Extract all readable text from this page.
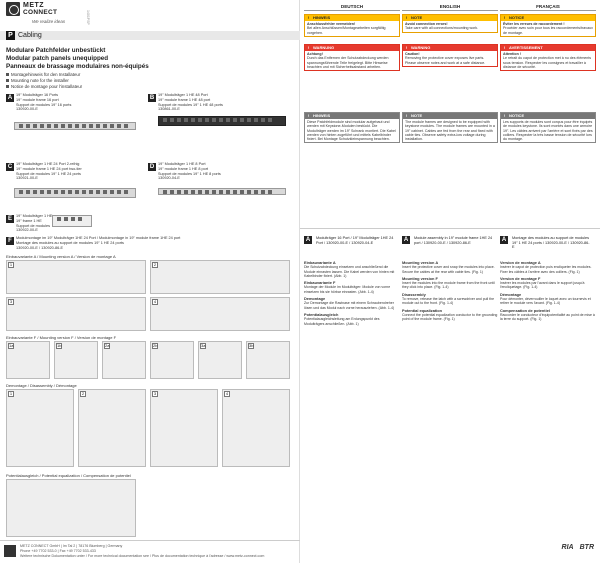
METZ
CONNECT
We realize ideas
P Cabling
1401PSP
Modulare Patchfelder unbestückt
Modular patch panels unequipped
Panneaux de brassage modulaires non-équipés
Montagehinweis für den Installateur
Mounting note for the installer
Notice de montage pour l'installateur
A	19" Modulträger 16 Ports
19" module frame 16 port
Support de modules 19" 16 ports
130920-00-E
B	19" Modulträger 1 HE 48 Port
19" module frame 1 HE 48 port
Support de modules 19" 1 HE 48 ports
130861-00-E
C	19" Modulträger 1 HE 24 Port 2-reihig
19" module frame 1 HE 24 port two-tier
Support de modules 19" 1 HE 24 ports
130921-00-E
D	19" Modulträger 1 HE 8 Port
19" module frame 1 HE 8 port
Support de modules 19" 1 HE 8 ports
130920-04-E
E	19" Modulträger 1 HE
19" frame 1 HE
Support de modules
130922-00-E
F	Modulmontage im 19" Modulträger 1HE 24 Port / Modulmontage in 19" module frame 1HE 24 port
Montage des modules au support de modules 19" 1 HE 24 ports
130920-00-E / 130920-86-E
Einbauvariante A / Mounting version A / Version de montage A
1	2
3	4
Einbauvariante F / Mounting version F / Version de montage F
1a	1b	2a	2b	3a	3b
Demontage / Disassembly / Démontage
1	2	3	4
Potentialausgleich / Potential equalization / Compensation de potentiel
METZ CONNECT GmbH | Im Tal 2 | 78176 Blumberg | Germany
Phone +49 7702 533-0 | Fax +49 7702 533-433
Weitere technische Dokumentation unter / For more technical documentation see / Plus de documentation technique à l'adresse / www.metz-connect.com
DEUTSCH	ENGLISH	FRANÇAIS
! HINWEIS
Anschlussfehler vermeiden!
Bei allen Anschlüssen/Montagearbeiten sorgfältig vorgehen.
! NOTE
Avoid connection errors!
Take care with all connections/mounting work.
! NOTICE
Éviter les erreurs de raccordement !
Procéder avec soin pour tous les raccordements/travaux de montage.
! WARNUNG
Achtung!
Durch das Entfernen der Schutzabdeckung werden spannungsführende Teile freigelegt. Bitte Hinweise beachten und mit Sicherheitsabstand arbeiten.
! WARNING
Caution!
Removing the protective cover exposes live parts. Please observe notes and work at a safe distance.
! AVERTISSEMENT
Attention !
Le retrait du capot de protection met à nu des éléments sous tension. Respecter les consignes et travailler à distance de sécurité.
! HINWEIS
Diese Patchfeldmodule sind modular aufgebaut und werden mit Keystone-Modulen bestückt. Die Modulträger werden im 19" Schrank montiert. Die Kabel werden von hinten zugeführt und mittels Kabelbinder fixiert. Bei Montage Schutzkleinspannung beachten.
! NOTE
The module frames are designed to be equipped with keystone modules. The module frames are mounted in a 19" cabinet. Cables are fed from the rear and fixed with cable ties. Observe safety extra-low voltage during installation.
! NOTICE
Les supports de modules sont conçus pour être équipés de modules keystone. Ils sont montés dans une armoire 19". Les câbles arrivent par l'arrière et sont fixés par des colliers. Respecter la très basse tension de sécurité lors du montage.
A	Modulträger 16 Port / 19" Modulträger 1HE 24 Port / 130920-00-E / 130920-04-E
Einbauvariante A
Die Schutzabdeckung einsetzen und anschließend die Module einrasten lassen. Die Kabel werden von hinten mit Kabelbinder fixiert. (Abb. 1)
Einbauvariante F
Montage der Module im Modulträger: Module von vorne einsetzen bis sie hörbar einrasten. (Abb. 1-4)
Demontage
Zur Demontage die Rastnase mit einem Schraubendreher lösen und das Modul nach vorne herausziehen. (Abb. 1-4)
Potentialausgleich
Potentialausgleichsleitung am Erdungspunkt des Modulträgers anschließen. (Abb. 1)
A	Module assembly in 19" module frame 1HE 24 port / 130920-00-E / 130920-86-E
Mounting version A
Insert the protective cover and snap the modules into place. Secure the cables at the rear with cable ties. (Fig. 1)
Mounting version F
Insert the modules into the module frame from the front until they click into place. (Fig. 1-4)
Disassembly
To remove, release the latch with a screwdriver and pull the module out to the front. (Fig. 1-4)
Potential equalization
Connect the potential equalization conductor to the grounding point of the module frame. (Fig. 1)
A	Montage des modules au support de modules 19" 1 HE 24 ports / 130920-00-E / 130920-86-E
Version de montage A
Insérer le capot de protection puis encliqueter les modules. Fixer les câbles à l'arrière avec des colliers. (Fig. 1)
Version de montage F
Insérer les modules par l'avant dans le support jusqu'à l'encliquetage. (Fig. 1-4)
Démontage
Pour démonter, déverrouiller le loquet avec un tournevis et retirer le module vers l'avant. (Fig. 1-4)
Compensation de potentiel
Raccorder le conducteur d'équipotentialité au point de mise à la terre du support. (Fig. 1)
RIA BTR
